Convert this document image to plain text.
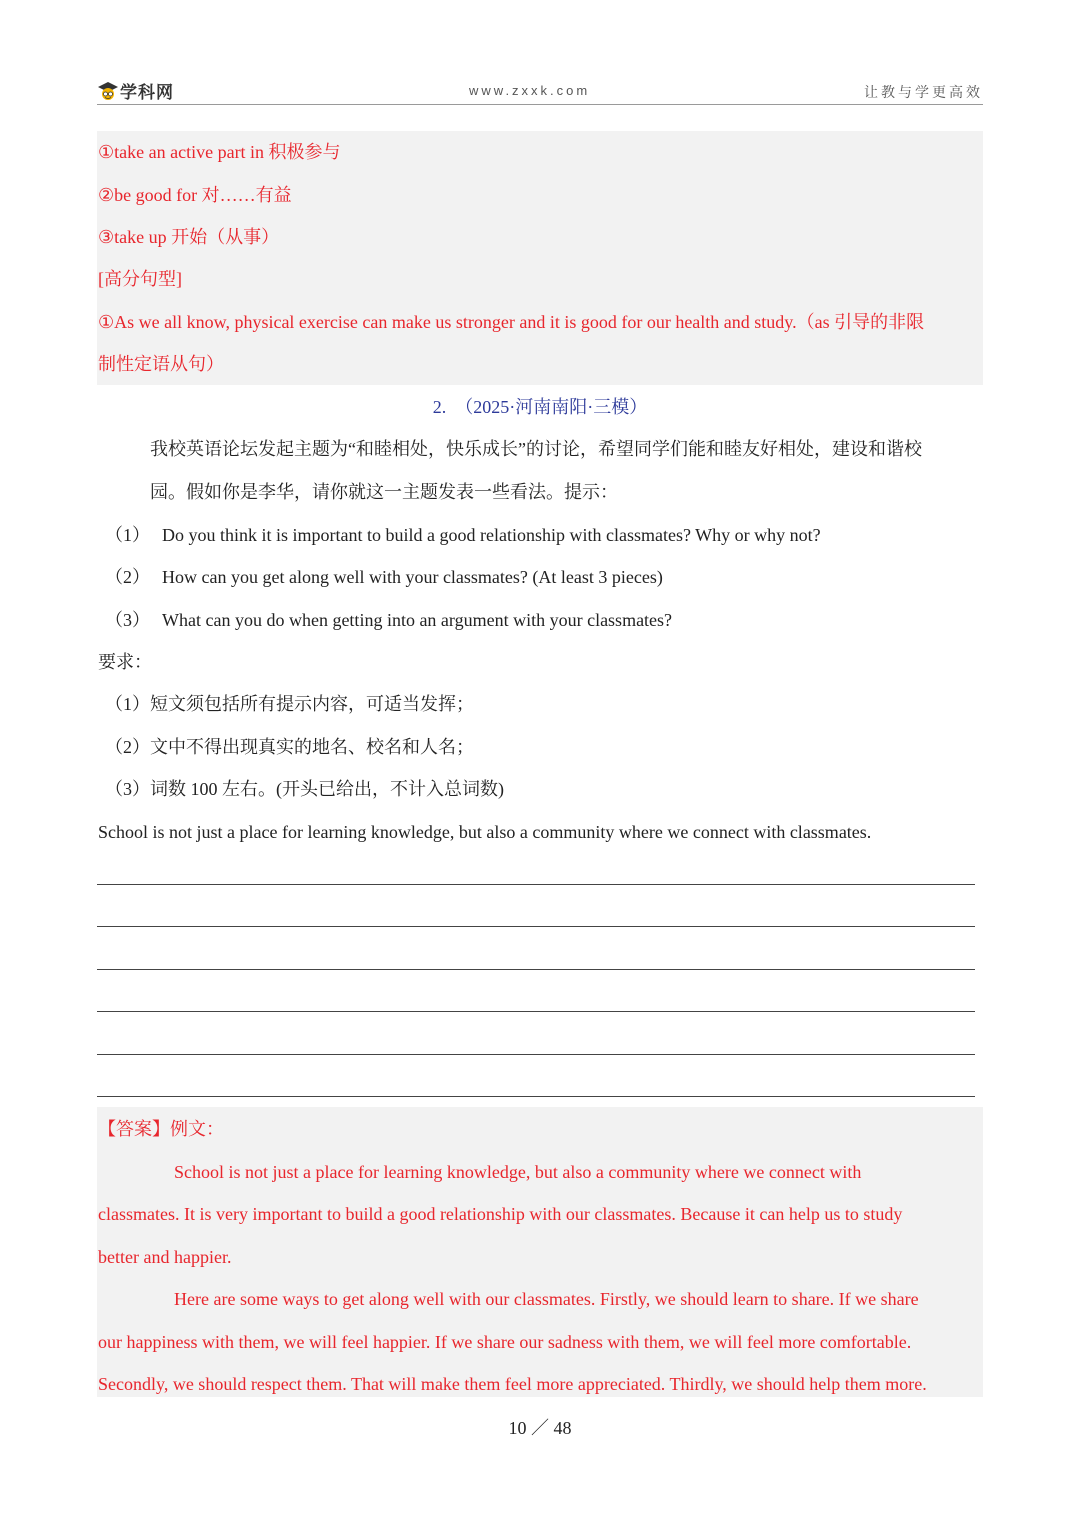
学科网	www.zxxk.com	让教与学更高效
①take an active part in 积极参与
②be good for 对……有益
③take up 开始（从事）
[高分句型]
①As we all know, physical exercise can make us stronger and it is good for our health and study.（as 引导的非限
制性定语从句）
2.　（2025·河南南阳·三模）
我校英语论坛发起主题为“和睦相处，快乐成长”的讨论，希望同学们能和睦友好相处，建设和谐校
园。假如你是李华，请你就这一主题发表一些看法。提示：
（1） Do you think it is important to build a good relationship with classmates? Why or why not?
（2） How can you get along well with your classmates? (At least 3 pieces)
（3） What can you do when getting into an argument with your classmates?
要求：
（1）短文须包括所有提示内容，可适当发挥；
（2）文中不得出现真实的地名、校名和人名；
（3）词数 100 左右。(开头已给出，不计入总词数)
School is not just a place for learning knowledge, but also a community where we connect with classmates.
【答案】例文：
School is not just a place for learning knowledge, but also a community where we connect with
classmates. It is very important to build a good relationship with our classmates. Because it can help us to study
better and happier.
Here are some ways to get along well with our classmates. Firstly, we should learn to share. If we share
our happiness with them, we will feel happier. If we share our sadness with them, we will feel more comfortable.
Secondly, we should respect them. That will make them feel more appreciated. Thirdly, we should help them more.
10 ／ 48
